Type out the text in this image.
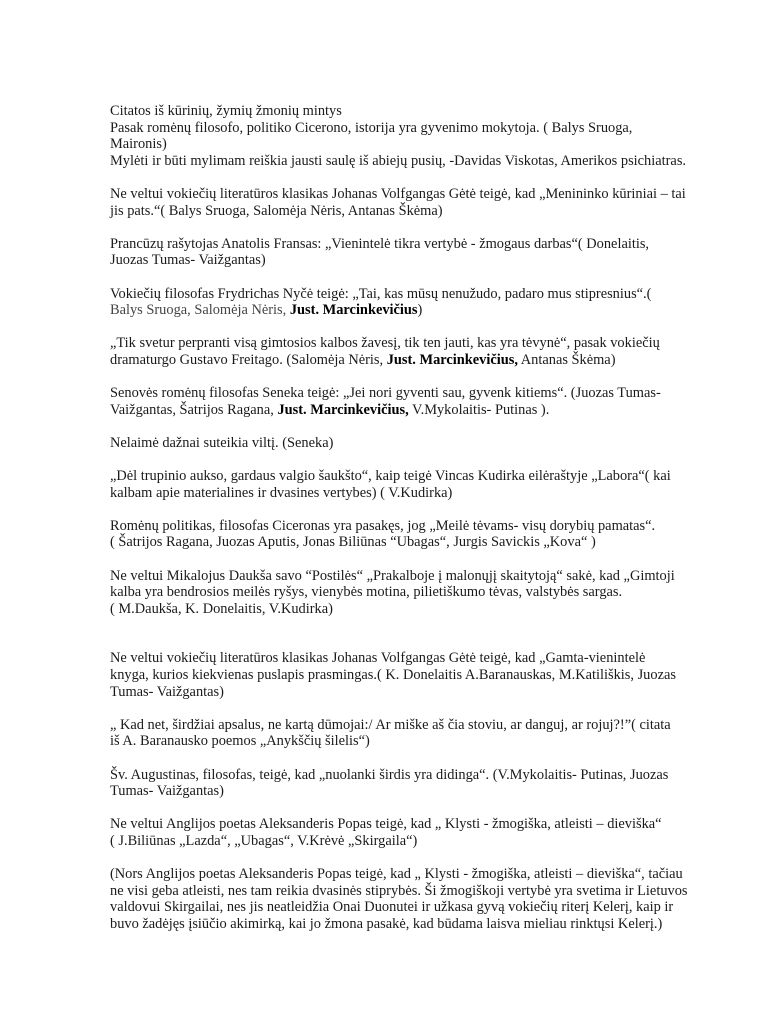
Citatos iš kūrinių, žymių žmonių mintys
Pasak romėnų filosofo, politiko Cicerono, istorija yra gyvenimo mokytoja. ( Balys Sruoga,
Maironis)
Mylėti ir būti mylimam reiškia jausti saulę iš abiejų pusių, -Davidas Viskotas, Amerikos psichiatras.
Ne veltui vokiečių literatūros klasikas Johanas Volfgangas Gėtė teigė, kad „Menininko kūriniai – tai
jis pats.“( Balys Sruoga, Salomėja Nėris, Antanas Škėma)
Prancūzų rašytojas Anatolis Fransas: „Vienintelė tikra vertybė - žmogaus darbas“( Donelaitis,
Juozas Tumas- Vaižgantas)
Vokiečių filosofas Frydrichas Nyčė teigė: „Tai, kas mūsų nenužudo, padaro mus stipresnius“.(
Balys Sruoga, Salomėja Nėris, Just. Marcinkevičius)
„Tik svetur perpranti visą gimtosios kalbos žavesį, tik ten jauti, kas yra tėvynė“, pasak vokiečių
dramaturgo Gustavo Freitago. (Salomėja Nėris, Just. Marcinkevičius, Antanas Škėma)
Senovės romėnų filosofas Seneka teigė: „Jei nori gyventi sau, gyvenk kitiems“. (Juozas Tumas-
Vaižgantas, Šatrijos Ragana, Just. Marcinkevičius, V.Mykolaitis- Putinas ).
Nelaimė dažnai suteikia viltį. (Seneka)
„Dėl trupinio aukso, gardaus valgio šaukšto“, kaip teigė Vincas Kudirka eilėraštyje „Labora“( kai
kalbam apie materialines ir dvasines vertybes) ( V.Kudirka)
Romėnų politikas, filosofas Ciceronas yra pasakęs, jog „Meilė tėvams- visų dorybių pamatas“.
( Šatrijos Ragana, Juozas Aputis, Jonas Biliūnas “Ubagas“, Jurgis Savickis „Kova“ )
Ne veltui Mikalojus Daukša savo “Postilės“ „Prakalboje į malonųjį skaitytoją“ sakė, kad „Gimtoji
kalba yra bendrosios meilės ryšys, vienybės motina, pilietiškumo tėvas, valstybės sargas.
( M.Daukša, K. Donelaitis, V.Kudirka)
Ne veltui vokiečių literatūros klasikas Johanas Volfgangas Gėtė teigė, kad „Gamta-vienintelė
knyga, kurios kiekvienas puslapis prasmingas.( K. Donelaitis A.Baranauskas, M.Katiliškis, Juozas
Tumas- Vaižgantas)
„ Kad net, širdžiai apsalus, ne kartą dūmojai:/ Ar miške aš čia stoviu, ar danguj, ar rojuj?!”( citata
iš A. Baranausko poemos „Anykščių šilelis“)
Šv. Augustinas, filosofas, teigė, kad „nuolanki širdis yra didinga“. (V.Mykolaitis- Putinas, Juozas
Tumas- Vaižgantas)
Ne veltui Anglijos poetas Aleksanderis Popas teigė, kad „ Klysti - žmogiška, atleisti – dieviška“
( J.Biliūnas „Lazda“, „Ubagas“, V.Krėvė „Skirgaila“)
(Nors Anglijos poetas Aleksanderis Popas teigė, kad „ Klysti - žmogiška, atleisti – dieviška“, tačiau
ne visi geba atleisti, nes tam reikia dvasinės stiprybės. Ši žmogiškoji vertybė yra svetima ir Lietuvos
valdovui Skirgailai, nes jis neatleidžia Onai Duonutei ir užkasa gyvą vokiečių riterį Kelerį, kaip ir
buvo žadėjęs įsiūčio akimirką, kai jo žmona pasakė, kad būdama laisva mieliau rinktųsi Kelerį.)
